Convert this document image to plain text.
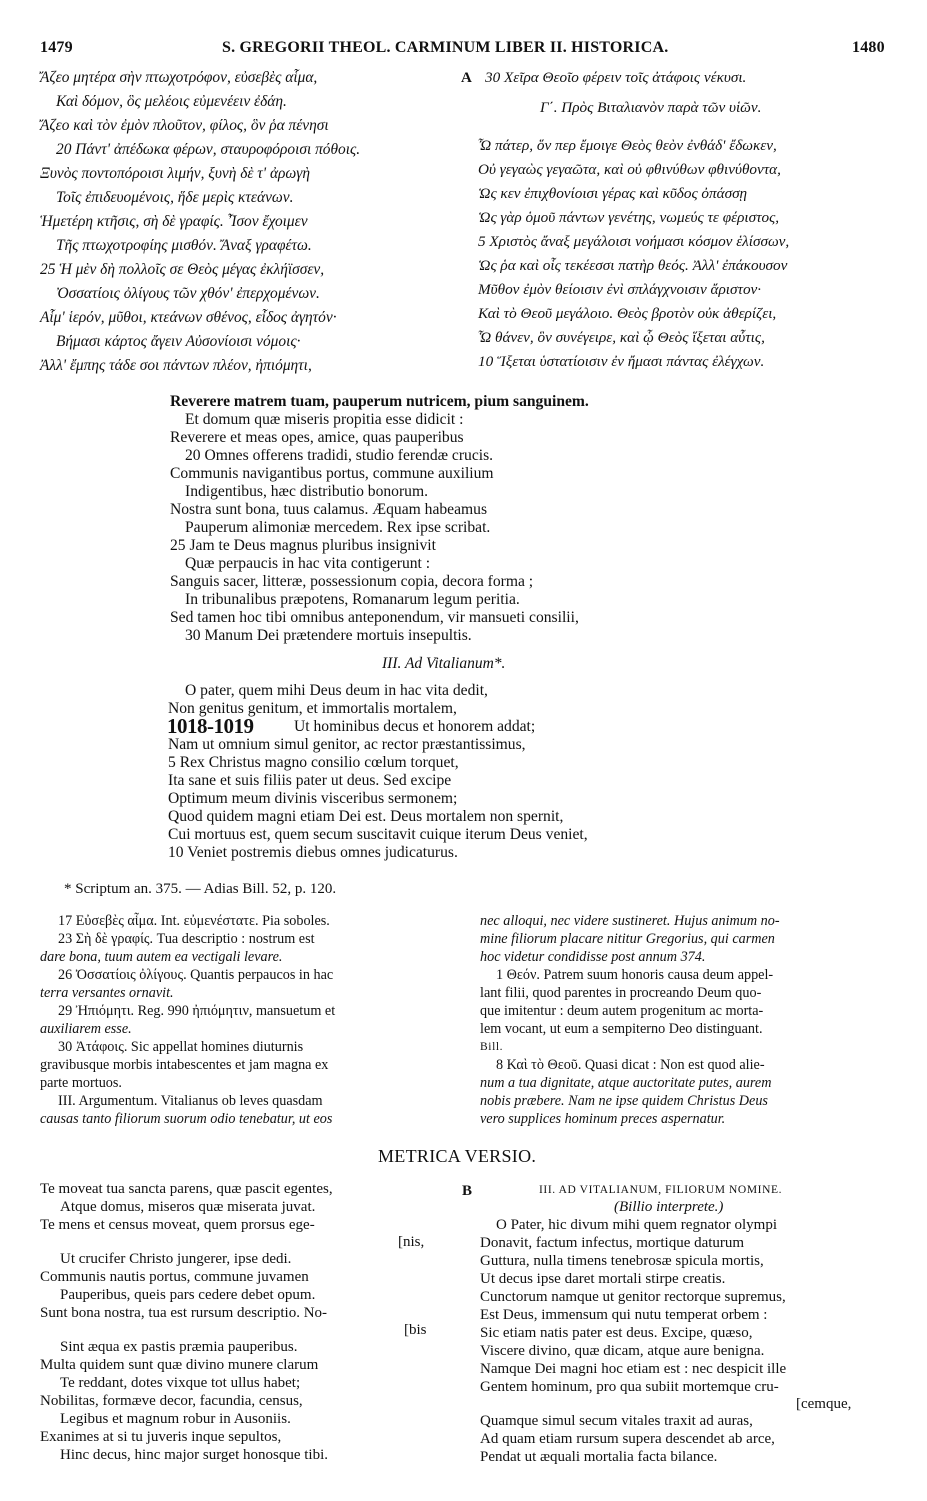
1479	S. GREGORII THEOL. CARMINUM LIBER II. HISTORICA.	1480
Ἄζεο μητέρα σὴν πτωχοτρόφον, εὐσεβὲς αἷμα,
Καὶ δόμον, ὃς μελέοις εὐμενέειν ἐδάη.
Ἄζεο καὶ τὸν ἐμὸν πλοῦτον, φίλος, ὃν ῥα πένησι
20 Πάντ' ἀπέδωκα φέρων, σταυροφόροισι πόθοις.
Ξυνὸς ποντοπόροισι λιμήν, ξυνὴ δὲ τ' ἀρωγὴ
Τοῖς ἐπιδευομένοις, ἥδε μερὶς κτεάνων.
Ἡμετέρη κτῆσις, σὴ δὲ γραφίς. Ἶσον ἔχοιμεν
Τῆς πτωχοτροφίης μισθόν. Ἄναξ γραφέτω.
25 Ἡ μὲν δὴ πολλοῖς σε Θεὸς μέγας ἐκλήϊσσεν,
Ὀσσατίοις ὀλίγους τῶν χθόν' ἐπερχομένων.
Αἷμ' ἱερόν, μῦθοι, κτεάνων σθένος, εἶδος ἀγητόν·
Βήμασι κάρτος ἄγειν Αὐσονίοισι νόμοις·
Ἀλλ' ἔμπης τάδε σοι πάντων πλέον, ἠπιόμητι,
A 30 Χεῖρα Θεοῖο φέρειν τοῖς ἀτάφοις νέκυσι.
Γ΄. Πρὸς Βιταλιανὸν παρὰ τῶν υἱῶν.
Ὦ πάτερ, ὅν περ ἔμοιγε Θεὸς θεὸν ἐνθάδ' ἔδωκεν,
Οὐ γεγαὼς γεγαῶτα, καὶ οὐ φθινύθων φθινύθοντα,
Ὡς κεν ἐπιχθονίοισι γέρας καὶ κῦδος ὀπάσσῃ
Ὡς γὰρ ὁμοῦ πάντων γενέτης, νωμεύς τε φέριστος,
5 Χριστὸς ἄναξ μεγάλοισι νοήμασι κόσμον ἑλίσσων,
Ὡς ῥα καὶ οἷς τεκέεσσι πατὴρ θεός. Ἀλλ' ἐπάκουσον
Μῦθον ἐμὸν θείοισιν ἐνὶ σπλάγχνοισιν ἄριστον·
Καὶ τὸ Θεοῦ μεγάλοιο. Θεὸς βροτὸν οὐκ ἀθερίζει,
Ὧ θάνεν, ὃν συνέγειρε, καὶ ᾧ Θεὸς ἵξεται αὖτις,
10 Ἵξεται ὑστατίοισιν ἐν ἤμασι πάντας ἐλέγχων.
Reverere matrem tuam, pauperum nutricem, pium sanguinem.
Et domum quæ miseris propitia esse didicit :
Reverere et meas opes, amice, quas pauperibus
20 Omnes offerens tradidi, studio ferendæ crucis.
Communis navigantibus portus, commune auxilium
Indigentibus, hæc distributio bonorum.
Nostra sunt bona, tuus calamus. Æquam habeamus
Pauperum alimoniæ mercedem. Rex ipse scribat.
25 Jam te Deus magnus pluribus insignivit
Quæ perpaucis in hac vita contigerunt :
Sanguis sacer, litteræ, possessionum copia, decora forma ;
In tribunalibus præpotens, Romanarum legum peritia.
Sed tamen hoc tibi omnibus anteponendum, vir mansueti consilii,
30 Manum Dei prætendere mortuis insepultis.
III. Ad Vitalianum*.
O pater, quem mihi Deus deum in hac vita dedit,
Non genitus genitum, et immortalis mortalem,
1018-1019	Ut hominibus decus et honorem addat;
Nam ut omnium simul genitor, ac rector præstantissimus,
5 Rex Christus magno consilio cœlum torquet,
Ita sane et suis filiis pater ut deus. Sed excipe
Optimum meum divinis visceribus sermonem;
Quod quidem magni etiam Dei est. Deus mortalem non spernit,
Cui mortuus est, quem secum suscitavit cuique iterum Deus veniet,
10 Veniet postremis diebus omnes judicaturus.
* Scriptum an. 375. — Adias Bill. 52, p. 120.
17 Εὐσεβὲς αἷμα. Int. εὐμενέστατε. Pia soboles.
23 Σὴ δὲ γραφίς. Tua descriptio : nostrum est
dare bona, tuum autem ea vectigali levare.
26 Ὀσσατίοις ὀλίγους. Quantis perpaucos in hac
terra versantes ornavit.
29 Ἠπιόμητι. Reg. 990 ἠπιόμητιν, mansuetum et
auxiliarem esse.
30 Ἀτάφοις. Sic appellat homines diuturnis
gravibusque morbis intabescentes et jam magna ex
parte mortuos.
III. Argumentum. Vitalianus ob leves quasdam
causas tanto filiorum suorum odio tenebatur, ut eos
nec alloqui, nec videre sustineret. Hujus animum no-
mine filiorum placare nititur Gregorius, qui carmen
hoc videtur condidisse post annum 374.
1 Θεόν. Patrem suum honoris causa deum appel-
lant filii, quod parentes in procreando Deum quo-
que imitentur : deum autem progenitum ac morta-
lem vocant, ut eum a sempiterno Deo distinguant.
Bill.
8 Καὶ τὸ Θεοῦ. Quasi dicat : Non est quod alie-
num a tua dignitate, atque auctoritate putes, aurem
nobis præbere. Nam ne ipse quidem Christus Deus
vero supplices hominum preces aspernatur.
METRICA VERSIO.
B
Te moveat tua sancta parens, quæ pascit egentes,
Atque domus, miseros quæ miserata juvat.
Te mens et census moveat, quem prorsus ege-
[nis,
Ut crucifer Christo jungerer, ipse dedi.
Communis nautis portus, commune juvamen
Pauperibus, queis pars cedere debet opum.
Sunt bona nostra, tua est rursum descriptio. No-
[bis
Sint æqua ex pastis præmia pauperibus.
Multa quidem sunt quæ divino munere clarum
Te reddant, dotes vixque tot ullus habet;
Nobilitas, formæve decor, facundia, census,
Legibus et magnum robur in Ausoniis.
Exanimes at si tu juveris inque sepultos,
Hinc decus, hinc major surget honosque tibi.
III. AD VITALIANUM, FILIORUM NOMINE.
(Billio interprete.)
O Pater, hic divum mihi quem regnator olympi
Donavit, factum infectus, mortique daturum
Guttura, nulla timens tenebrosæ spicula mortis,
Ut decus ipse daret mortali stirpe creatis.
Cunctorum namque ut genitor rectorque supremus,
Est Deus, immensum qui nutu temperat orbem :
Sic etiam natis pater est deus. Excipe, quæso,
Viscere divino, quæ dicam, atque aure benigna.
Namque Dei magni hoc etiam est : nec despicit ille
Gentem hominum, pro qua subiit mortemque cru-
[cemque,
Quamque simul secum vitales traxit ad auras,
Ad quam etiam rursum supera descendet ab arce,
Pendat ut æquali mortalia facta bilance.
